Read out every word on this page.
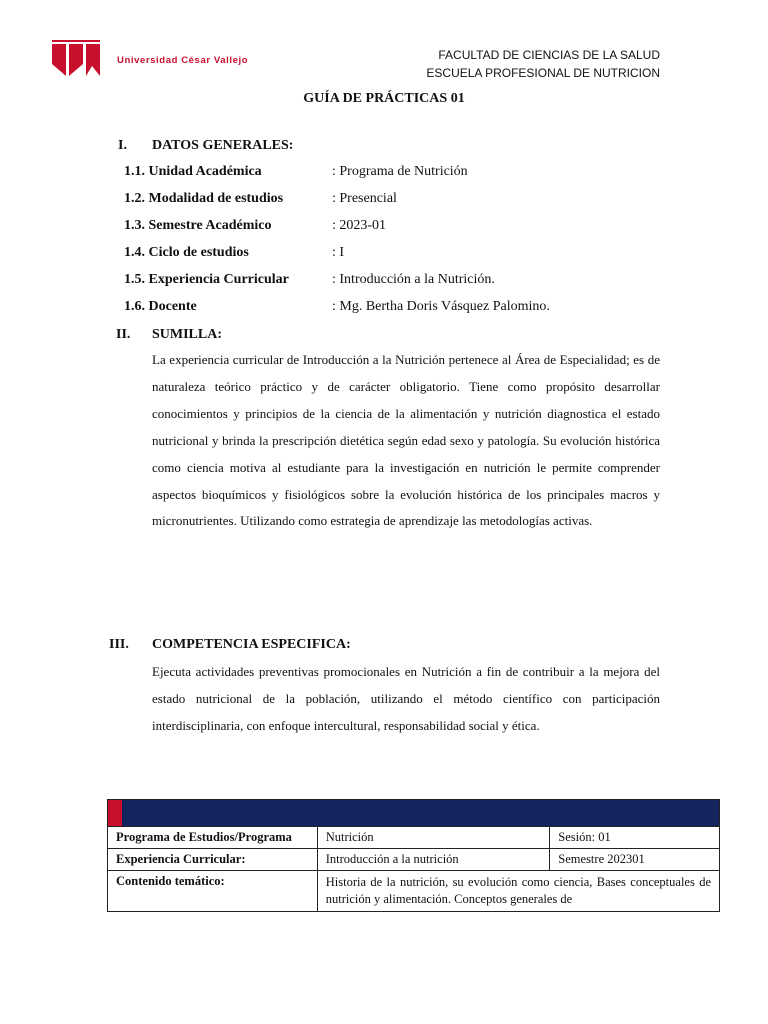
Universidad César Vallejo	FACULTAD DE CIENCIAS DE LA SALUD
ESCUELA PROFESIONAL DE NUTRICION
GUÍA DE PRÁCTICAS 01
I. DATOS GENERALES:
1.1. Unidad Académica	: Programa de Nutrición
1.2. Modalidad de estudios	: Presencial
1.3. Semestre Académico	: 2023-01
1.4. Ciclo de estudios	: I
1.5. Experiencia Curricular	: Introducción a la Nutrición.
1.6. Docente	: Mg. Bertha Doris Vásquez Palomino.
II. SUMILLA:

La experiencia curricular de Introducción a la Nutrición pertenece al Área de Especialidad; es de naturaleza teórico práctico y de carácter obligatorio. Tiene como propósito desarrollar conocimientos y principios de la ciencia de la alimentación y nutrición diagnostica el estado nutricional y brinda la prescripción dietética según edad sexo y patología. Su evolución histórica como ciencia motiva al estudiante para la investigación en nutrición le permite comprender aspectos bioquímicos y fisiológicos sobre la evolución histórica de los principales macros y micronutrientes. Utilizando como estrategia de aprendizaje las metodologías activas.

III. COMPETENCIA ESPECIFICA:

Ejecuta actividades preventivas promocionales en Nutrición a fin de contribuir a la mejora del estado nutricional de la población, utilizando el método científico con participación interdisciplinaria, con enfoque intercultural, responsabilidad social y ética.

Programa de Estudios/Programa	Nutrición	Sesión: 01
Experiencia Curricular:	Introducción a la nutrición	Semestre 202301
Contenido temático:	Historia de la nutrición, su evolución como ciencia, Bases conceptuales de nutrición y alimentación. Conceptos generales de	
